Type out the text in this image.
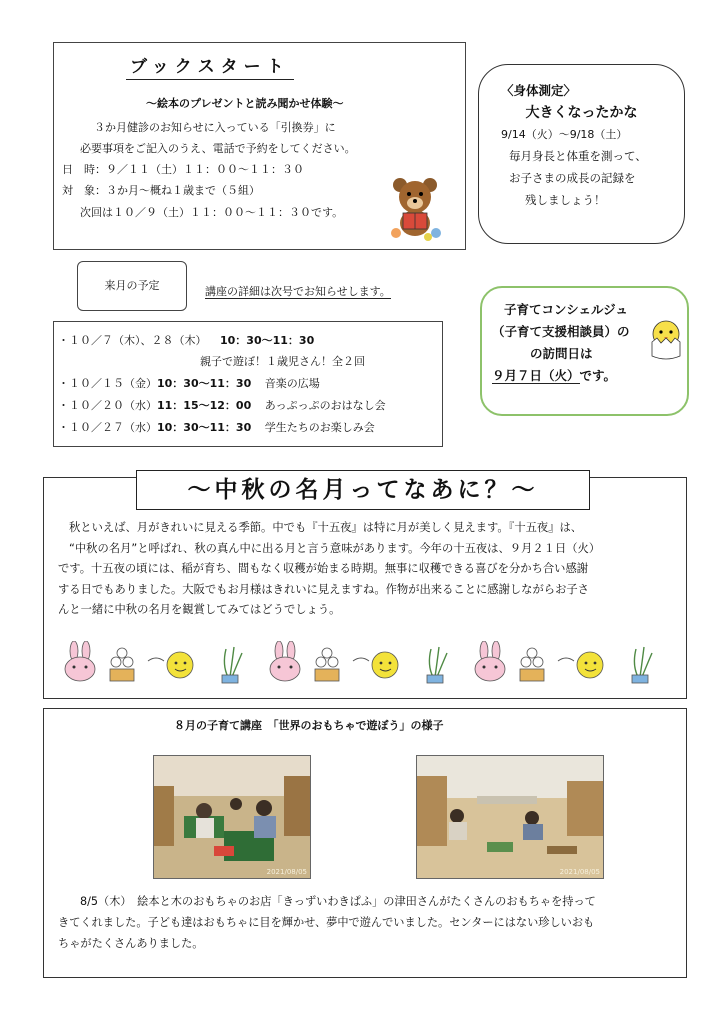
ブックスタート
～絵本のプレゼントと読み聞かせ体験～
３か月健診のお知らせに入っている「引換券」に
必要事項をご記入のうえ、電話で予約をしてください。
日　時：９／１１（土）１１：００～１１：３０
対　象：３か月～概ね１歳まで（５組）
次回は１０／９（土）１１：００～１１：３０です。
〈身体測定〉
大きくなったかな
9/14（火）～9/18（土）
毎月身長と体重を測って、
お子さまの成長の記録を
残しましょう！
来月の予定	講座の詳細は次号でお知らせします。
・１０／７（木）、２８（木） 10：30～11：30
親子で遊ぼ！１歳児さん！全２回
・１０／１５（金）10：30～11：30 音楽の広場
・１０／２０（水）11：15～12：00 あっぷっぷのおはなし会
・１０／２７（水）10：30～11：30 学生たちのお楽しみ会
子育てコンシェルジュ
（子育て支援相談員）の
の訪問日は
９月７日（火）です。
～中秋の名月ってなあに？～
秋といえば、月がきれいに見える季節。中でも『十五夜』は特に月が美しく見えます。『十五夜』は、
“中秋の名月”と呼ばれ、秋の真ん中に出る月と言う意味があります。今年の十五夜は、９月２１日（火）
です。十五夜の頃には、稲が育ち、間もなく収穫が始まる時期。無事に収穫できる喜びを分かち合い感謝
する日でもありました。大阪でもお月様はきれいに見えますね。作物が出来ることに感謝しながらお子さ
んと一緒に中秋の名月を観賞してみてはどうでしょう。
８月の子育て講座　「世界のおもちゃで遊ぼう」の様子
2021/08/05	2021/08/05
8/5（木）　絵本と木のおもちゃのお店「きっずいわきぱふ」の津田さんがたくさんのおもちゃを持って
きてくれました。子ども達はおもちゃに目を輝かせ、夢中で遊んでいました。センターにはない珍しいおも
ちゃがたくさんありました。
